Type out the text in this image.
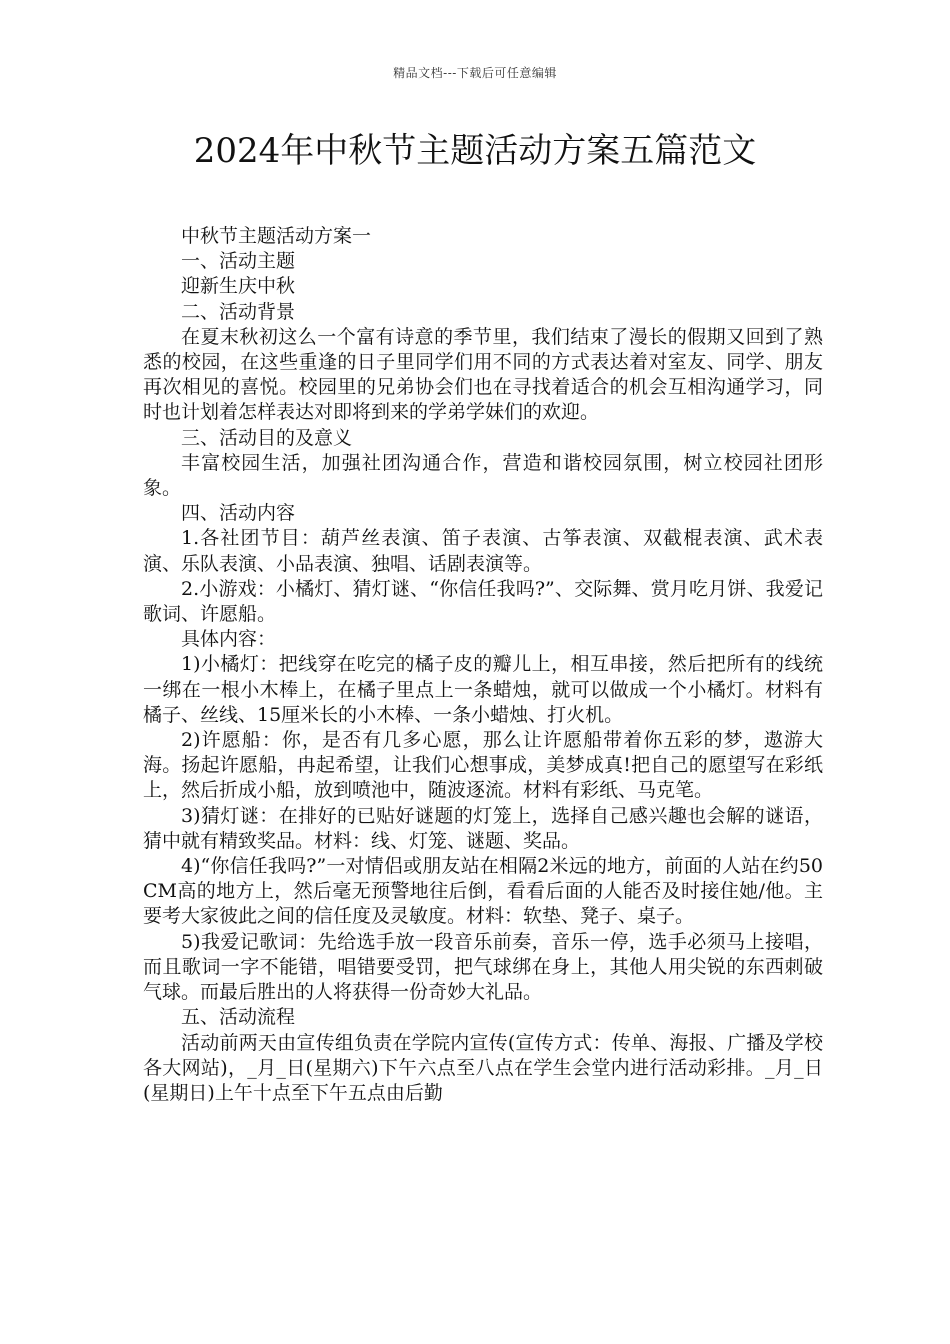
精品文档---下载后可任意编辑
2024年中秋节主题活动方案五篇范文

中秋节主题活动方案一

一、活动主题

迎新生庆中秋

二、活动背景

在夏末秋初这么一个富有诗意的季节里，我们结束了漫长的假期又回到了熟悉的校园，在这些重逢的日子里同学们用不同的方式表达着对室友、同学、朋友再次相见的喜悦。校园里的兄弟协会们也在寻找着适合的机会互相沟通学习，同时也计划着怎样表达对即将到来的学弟学妹们的欢迎。

三、活动目的及意义

丰富校园生活，加强社团沟通合作，营造和谐校园氛围，树立校园社团形象。

四、活动内容

1.各社团节目：葫芦丝表演、笛子表演、古筝表演、双截棍表演、武术表演、乐队表演、小品表演、独唱、话剧表演等。

2.小游戏：小橘灯、猜灯谜、“你信任我吗?”、交际舞、赏月吃月饼、我爱记歌词、许愿船。

具体内容：

1)小橘灯：把线穿在吃完的橘子皮的瓣儿上，相互串接，然后把所有的线统一绑在一根小木棒上，在橘子里点上一条蜡烛，就可以做成一个小橘灯。材料有橘子、丝线、15厘米长的小木棒、一条小蜡烛、打火机。

2)许愿船：你，是否有几多心愿，那么让许愿船带着你五彩的梦，遨游大海。扬起许愿船，冉起希望，让我们心想事成，美梦成真!把自己的愿望写在彩纸上，然后折成小船，放到喷池中，随波逐流。材料有彩纸、马克笔。

3)猜灯谜：在排好的已贴好谜题的灯笼上，选择自己感兴趣也会解的谜语，猜中就有精致奖品。材料：线、灯笼、谜题、奖品。

4)“你信任我吗?”一对情侣或朋友站在相隔2米远的地方，前面的人站在约50CM高的地方上，然后毫无预警地往后倒，看看后面的人能否及时接住她/他。主要考大家彼此之间的信任度及灵敏度。材料：软垫、凳子、桌子。

5)我爱记歌词：先给选手放一段音乐前奏，音乐一停，选手必须马上接唱，而且歌词一字不能错，唱错要受罚，把气球绑在身上，其他人用尖锐的东西刺破气球。而最后胜出的人将获得一份奇妙大礼品。

五、活动流程

活动前两天由宣传组负责在学院内宣传(宣传方式：传单、海报、广播及学校各大网站)，_月_日(星期六)下午六点至八点在学生会堂内进行活动彩排。_月_日(星期日)上午十点至下午五点由后勤
